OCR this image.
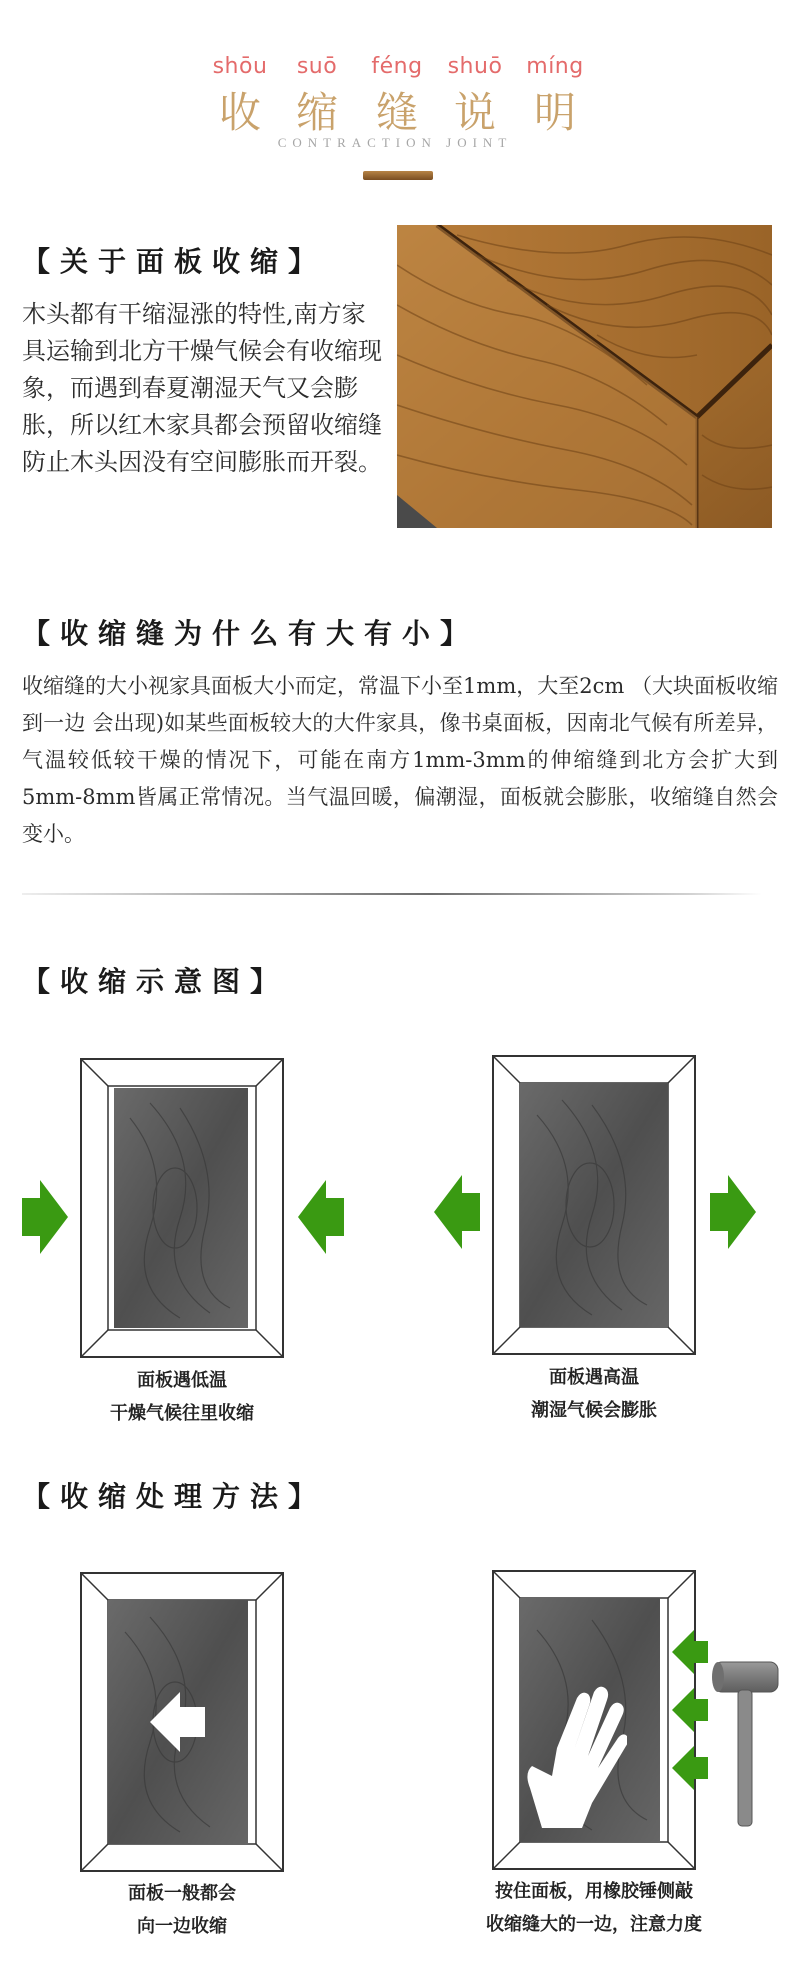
shōu	suō	féng	shuō	míng
收 缩 缝 说 明
CONTRACTION JOINT
【关于面板收缩】
木头都有干缩湿涨的特性,南方家具运输到北方干燥气候会有收缩现象，而遇到春夏潮湿天气又会膨胀，所以红木家具都会预留收缩缝防止木头因没有空间膨胀而开裂。
【收缩缝为什么有大有小】
收缩缝的大小视家具面板大小而定，常温下小至1mm，大至2cm （大块面板收缩到一边 会出现)如某些面板较大的大件家具，像书桌面板，因南北气候有所差异，气温较低较干燥的情况下，可能在南方1mm-3mm的伸缩缝到北方会扩大到5mm-8mm皆属正常情况。当气温回暖，偏潮湿，面板就会膨胀，收缩缝自然会变小。
【收缩示意图】
面板遇低温
干燥气候往里收缩
面板遇高温
潮湿气候会膨胀
【收缩处理方法】
面板一般都会
向一边收缩
按住面板，用橡胶锤侧敲
收缩缝大的一边，注意力度
